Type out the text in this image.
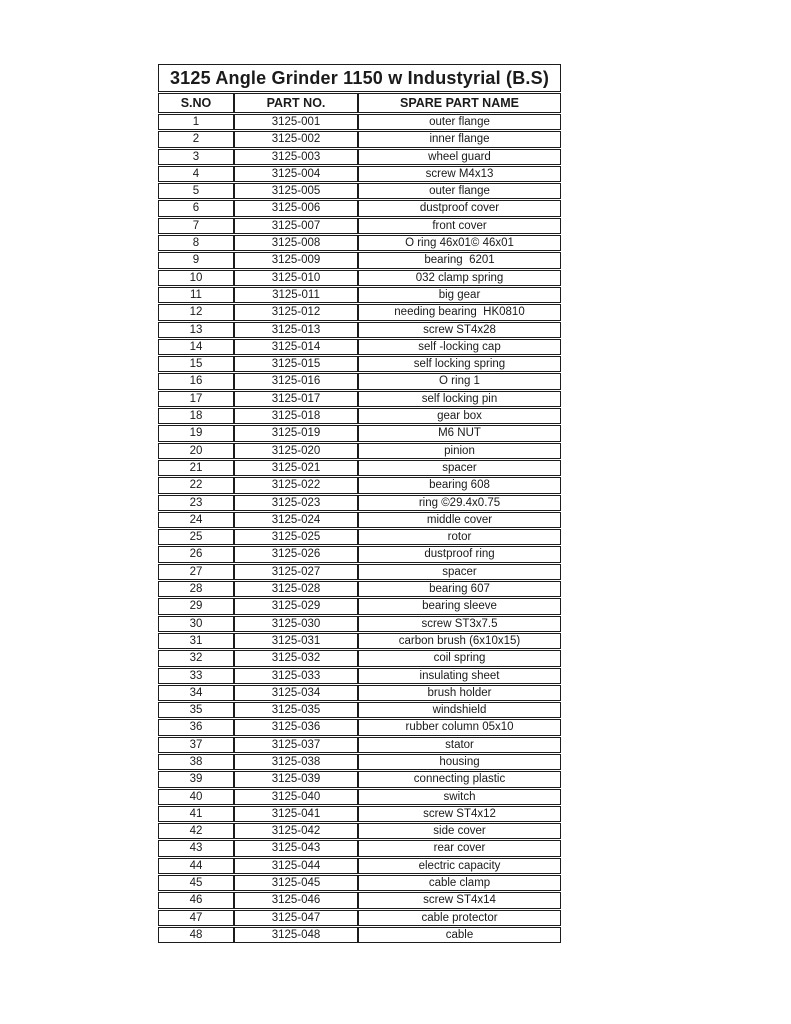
3125 Angle Grinder 1150 w Industyrial (B.S)		
S.NO	PART NO.	SPARE PART NAME
1	3125-001	outer flange
2	3125-002	inner flange
3	3125-003	wheel guard
4	3125-004	screw M4x13
5	3125-005	outer flange
6	3125-006	dustproof cover
7	3125-007	front cover
8	3125-008	O ring 46x01© 46x01
9	3125-009	bearing  6201
10	3125-010	032 clamp spring
11	3125-011	big gear
12	3125-012	needing bearing  HK0810
13	3125-013	screw ST4x28
14	3125-014	self -locking cap
15	3125-015	self locking spring
16	3125-016	O ring 1
17	3125-017	self locking pin
18	3125-018	gear box
19	3125-019	M6 NUT
20	3125-020	pinion
21	3125-021	spacer
22	3125-022	bearing 608
23	3125-023	ring ©29.4x0.75
24	3125-024	middle cover
25	3125-025	rotor
26	3125-026	dustproof ring
27	3125-027	spacer
28	3125-028	bearing 607
29	3125-029	bearing sleeve
30	3125-030	screw ST3x7.5
31	3125-031	carbon brush (6x10x15)
32	3125-032	coil spring
33	3125-033	insulating sheet
34	3125-034	brush holder
35	3125-035	windshield
36	3125-036	rubber column 05x10
37	3125-037	stator
38	3125-038	housing
39	3125-039	connecting plastic
40	3125-040	switch
41	3125-041	screw ST4x12
42	3125-042	side cover
43	3125-043	rear cover
44	3125-044	electric capacity
45	3125-045	cable clamp
46	3125-046	screw ST4x14
47	3125-047	cable protector
48	3125-048	cable
